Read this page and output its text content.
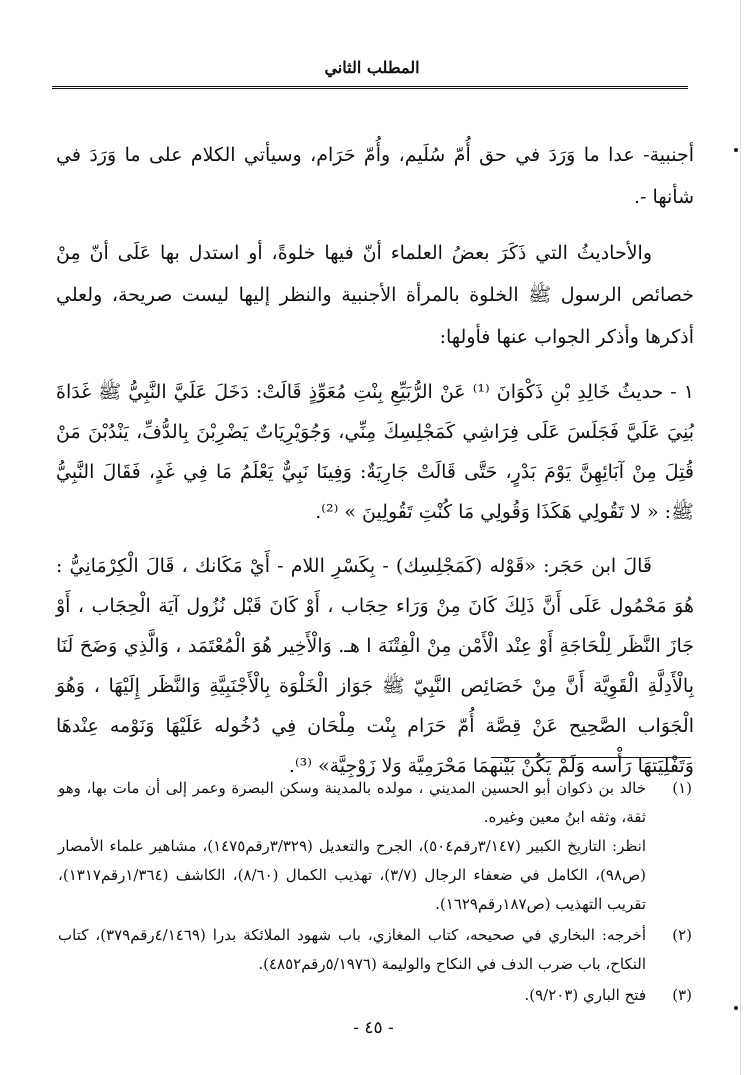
المطلب الثاني

أجنبية- عدا ما وَرَدَ في حق أُمّ سُلَيم، وأُمّ حَرَام، وسيأتي الكلام على ما وَرَدَ في شأنها -.

والأحاديثُ التي ذَكَرَ بعضُ العلماء أنّ فيها خلوةً، أو استدل بها عَلَى أنّ مِنْ خصائص الرسول ﷺ الخلوة بالمرأة الأجنبية والنظر إليها ليست صريحة، ولعلي أذكرها وأذكر الجواب عنها فأولها:

١ - حديثُ خَالِدِ بْنِ ذَكْوَانَ ⁽¹⁾ عَنْ الرُّبَيِّعِ بِنْتِ مُعَوِّذٍ قَالَتْ: دَخَلَ عَلَيَّ النَّبِيُّ ﷺ غَدَاةَ بُنِيَ عَلَيَّ فَجَلَسَ عَلَى فِرَاشِي كَمَجْلِسِكَ مِنِّي، وَجُوَيْرِيَاتٌ يَضْرِبْنَ بِالدُّفِّ، يَنْدُبْنَ مَنْ قُتِلَ مِنْ آبَائِهِنَّ يَوْمَ بَدْرٍ، حَتَّى قَالَتْ جَارِيَةٌ: وَفِينَا نَبِيٌّ يَعْلَمُ مَا فِي غَدٍ، فَقَالَ النَّبِيُّ ﷺ: « لا تَقُولِي هَكَذَا وَقُولِي مَا كُنْتِ تَقُولِينَ » ⁽²⁾.

قَالَ ابن حَجَر: «قَوْله (كَمَجْلِسِك) - بِكَسْرِ اللام - أَيْ مَكَانك ، قَالَ الْكِرْمَانِيُّ : هُوَ مَحْمُول عَلَى أَنَّ ذَلِكَ كَانَ مِنْ وَرَاء حِجَاب ، أَوْ كَانَ قَبْل نُزُول آيَة الْحِجَاب ، أَوْ جَازَ النَّظَر لِلْحَاجَةِ أَوْ عِنْد الْأَمْن مِنْ الْفِتْنَة ا هـ. وَالْأَخِير هُوَ الْمُعْتَمَد ، وَالَّذِي وَضَحَ لَنَا بِالْأَدِلَّةِ الْقَوِيَّة أَنَّ مِنْ خَصَائِص النَّبِيّ ﷺ جَوَاز الْخَلْوَة بِالْأَجْنَبِيَّةِ وَالنَّظَر إِلَيْهَا ، وَهُوَ الْجَوَاب الصَّحِيح عَنْ قِصَّة أُمّ حَرَام بِنْت مِلْحَان فِي دُخُوله عَلَيْهَا وَنَوْمه عِنْدهَا وَتَفْلِيَتهَا رَأْسه وَلَمْ يَكُنْ بَيْنهمَا مَحْرَمِيَّة وَلا زَوْجِيَّة» ⁽³⁾.

(١)

خالد بن ذكوان أبو الحسين المديني ، مولده بالمدينة وسكن البصرة وعمر إلى أن مات بها، وهو ثقة، وثقه ابنُ معين وغيره.

انظر: التاريخ الكبير (٣/١٤٧رقم٥٠٤)، الجرح والتعديل (٣/٣٢٩رقم١٤٧٥)، مشاهير علماء الأمصار (ص٩٨)، الكامل في ضعفاء الرجال (٣/٧)، تهذيب الكمال (٨/٦٠)، الكاشف (١/٣٦٤رقم١٣١٧)، تقريب التهذيب (ص١٨٧رقم١٦٢٩).

(٢)

أخرجه: البخاري في صحيحه، كتاب المغازي، باب شهود الملائكة بدرا (٤/١٤٦٩رقم٣٧٩)، كتاب النكاح، باب ضرب الدف في النكاح والوليمة (٥/١٩٧٦رقم٤٨٥٢).

(٣)

فتح الباري (٩/٢٠٣).

- ٤٥ -
